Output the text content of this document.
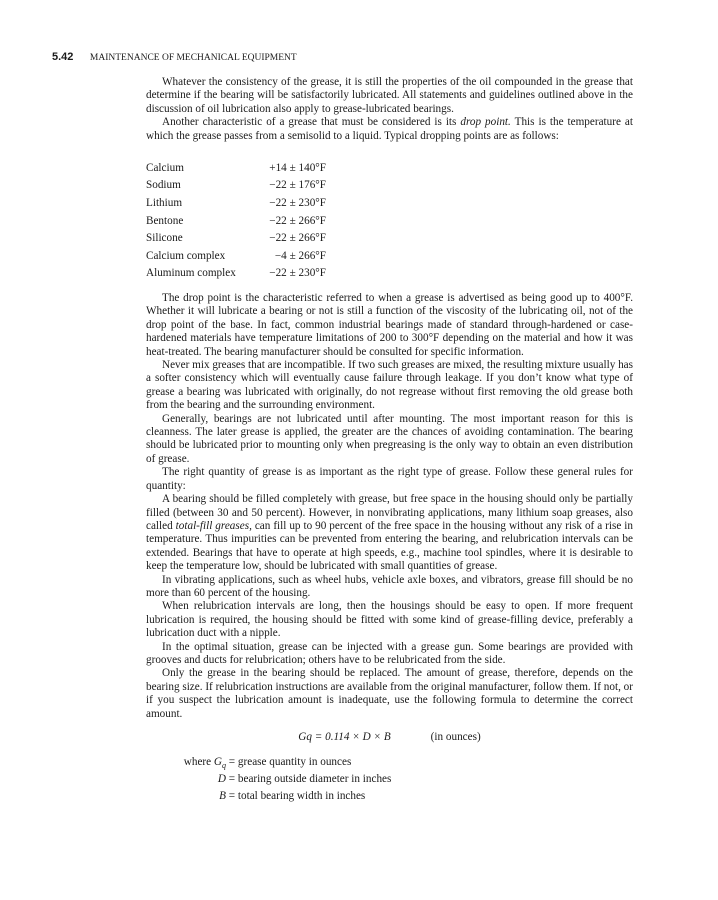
5.42 MAINTENANCE OF MECHANICAL EQUIPMENT

Whatever the consistency of the grease, it is still the properties of the oil compounded in the grease that determine if the bearing will be satisfactorily lubricated. All statements and guidelines outlined above in the discussion of oil lubrication also apply to grease-lubricated bearings.

Another characteristic of a grease that must be considered is its drop point. This is the temperature at which the grease passes from a semisolid to a liquid. Typical dropping points are as follows:

Calcium	+14 ± 140°F
Sodium	−22 ± 176°F
Lithium	−22 ± 230°F
Bentone	−22 ± 266°F
Silicone	−22 ± 266°F
Calcium complex	−4 ± 266°F
Aluminum complex	−22 ± 230°F

The drop point is the characteristic referred to when a grease is advertised as being good up to 400°F. Whether it will lubricate a bearing or not is still a function of the viscosity of the lubricating oil, not of the drop point of the base. In fact, common industrial bearings made of standard through-hardened or case-hardened materials have temperature limitations of 200 to 300°F depending on the material and how it was heat-treated. The bearing manufacturer should be consulted for specific information.

Never mix greases that are incompatible. If two such greases are mixed, the resulting mixture usually has a softer consistency which will eventually cause failure through leakage. If you don’t know what type of grease a bearing was lubricated with originally, do not regrease without first removing the old grease both from the bearing and the surrounding environment.

Generally, bearings are not lubricated until after mounting. The most important reason for this is cleanness. The later grease is applied, the greater are the chances of avoiding contamination. The bearing should be lubricated prior to mounting only when pregreasing is the only way to obtain an even distribution of grease.

The right quantity of grease is as important as the right type of grease. Follow these general rules for quantity:

A bearing should be filled completely with grease, but free space in the housing should only be partially filled (between 30 and 50 percent). However, in nonvibrating applications, many lithium soap greases, also called total-fill greases, can fill up to 90 percent of the free space in the housing without any risk of a rise in temperature. Thus impurities can be prevented from entering the bearing, and relubrication intervals can be extended. Bearings that have to operate at high speeds, e.g., machine tool spindles, where it is desirable to keep the temperature low, should be lubricated with small quantities of grease.

In vibrating applications, such as wheel hubs, vehicle axle boxes, and vibrators, grease fill should be no more than 60 percent of the housing.

When relubrication intervals are long, then the housings should be easy to open. If more frequent lubrication is required, the housing should be fitted with some kind of grease-filling device, preferably a lubrication duct with a nipple.

In the optimal situation, grease can be injected with a grease gun. Some bearings are provided with grooves and ducts for relubrication; others have to be relubricated from the side.

Only the grease in the bearing should be replaced. The amount of grease, therefore, depends on the bearing size. If relubrication instructions are available from the original manufacturer, follow them. If not, or if you suspect the lubrication amount is inadequate, use the following formula to determine the correct amount.

Gq = 0.114 × D × B	(in ounces)
where $G_q$ = grease quantity in ounces
D = bearing outside diameter in inches
B = total bearing width in inches
